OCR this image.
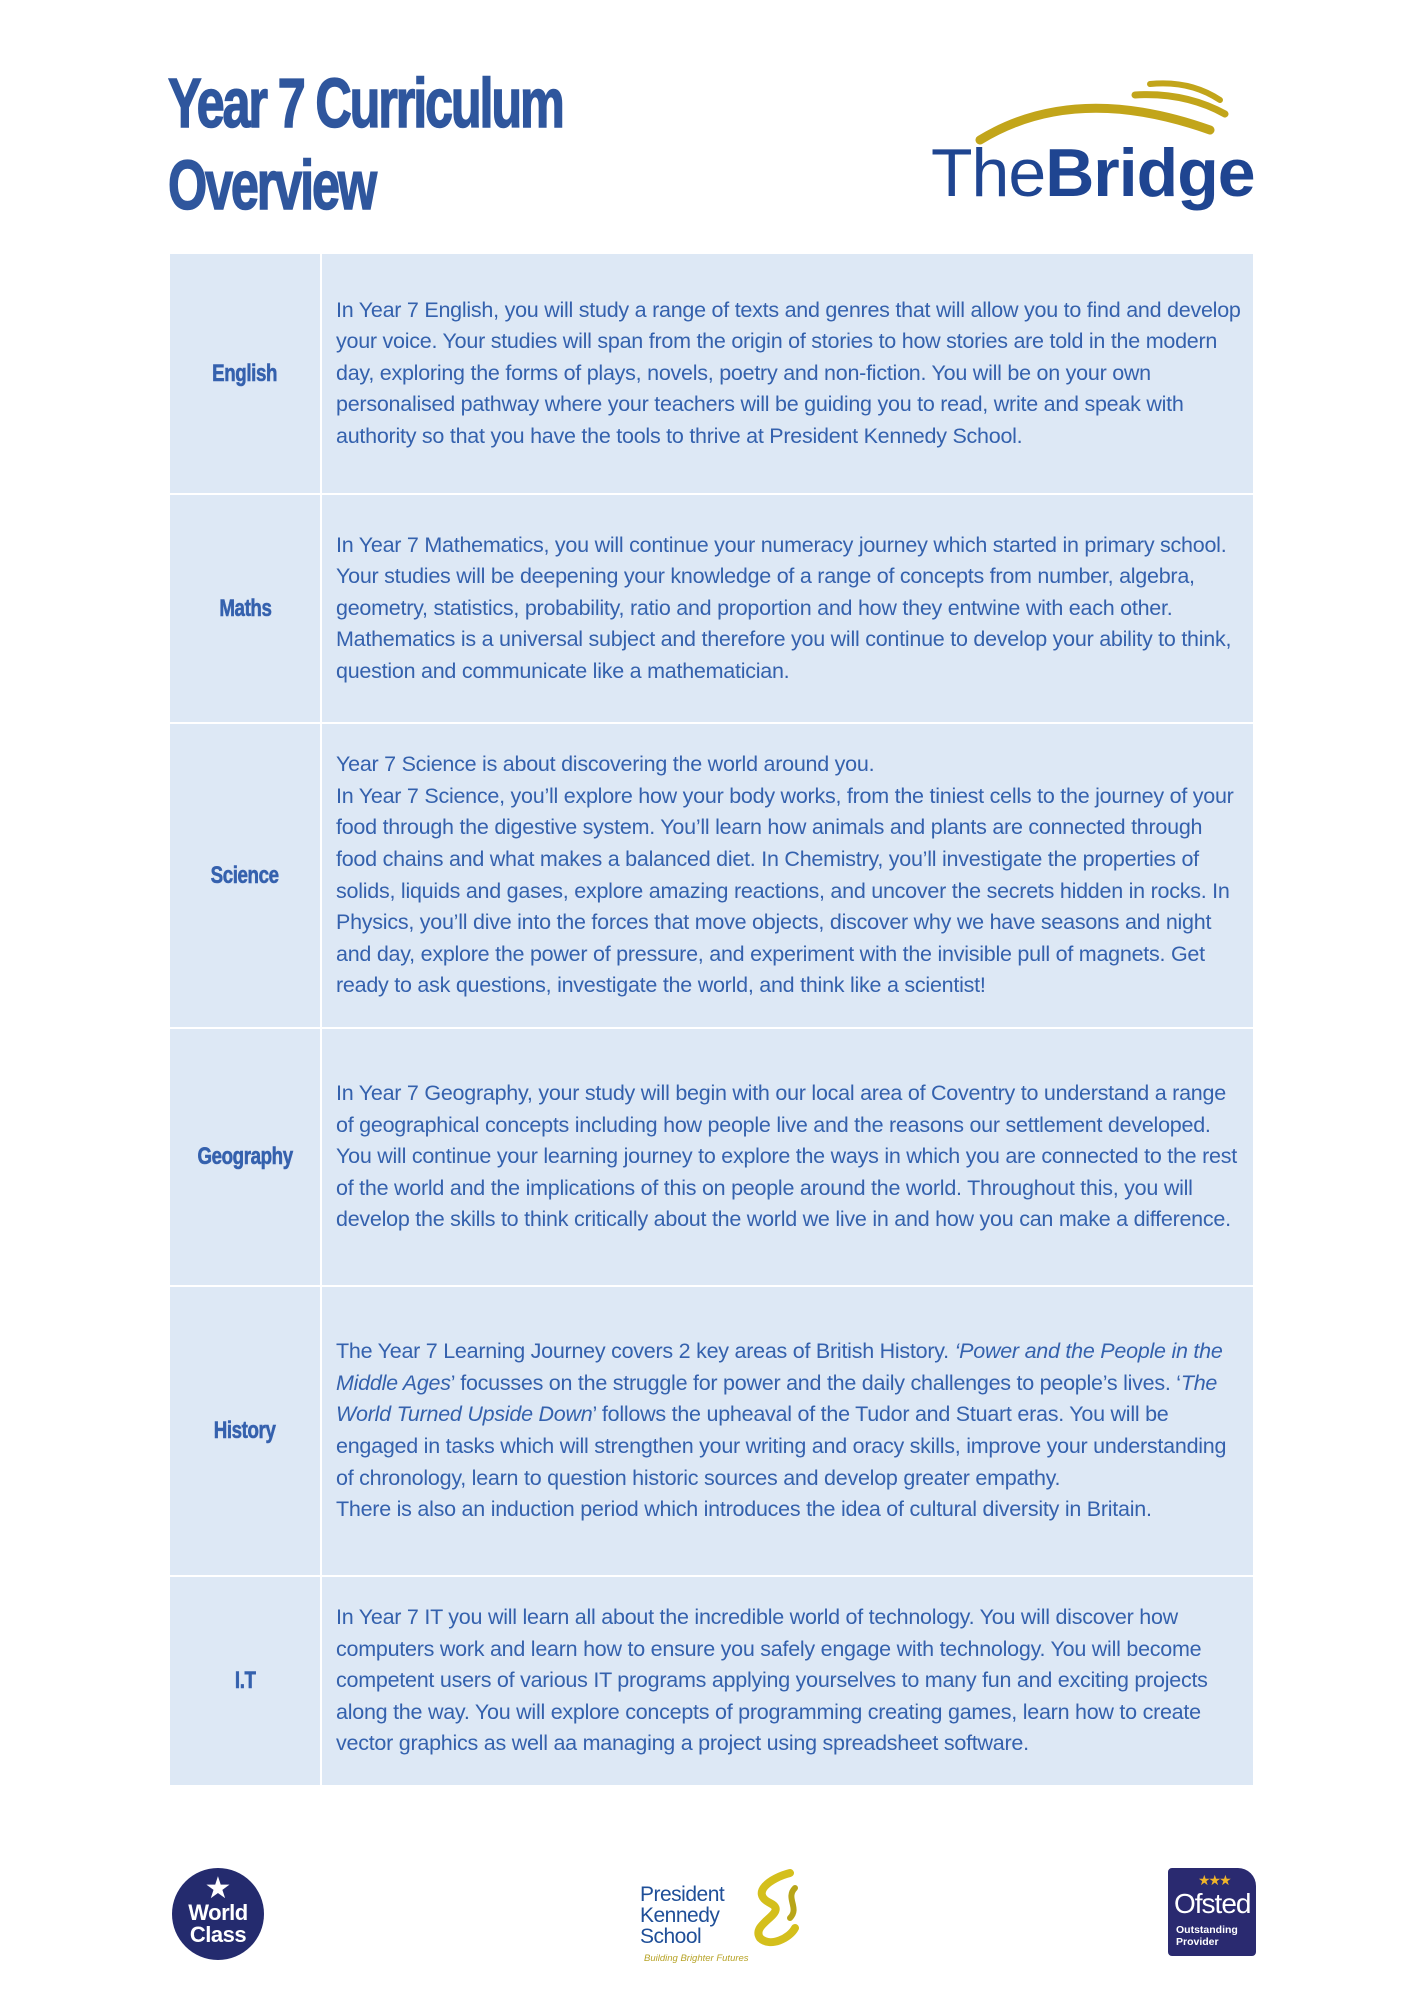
Year 7 Curriculum
Overview	TheBridge
English	In Year 7 English, you will study a range of texts and genres that will allow you to find and develop your voice. Your studies will span from the origin of stories to how stories are told in the modern day, exploring the forms of plays, novels, poetry and non-fiction. You will be on your own personalised pathway where your teachers will be guiding you to read, write and speak with authority so that you have the tools to thrive at President Kennedy School.

Maths	In Year 7 Mathematics, you will continue your numeracy journey which started in primary school. Your studies will be deepening your knowledge of a range of concepts from number, algebra, geometry, statistics, probability, ratio and proportion and how they entwine with each other. Mathematics is a universal subject and therefore you will continue to develop your ability to think, question and communicate like a mathematician.

Science	Year 7 Science is about discovering the world around you.

In Year 7 Science, you’ll explore how your body works, from the tiniest cells to the journey of your food through the digestive system. You’ll learn how animals and plants are connected through food chains and what makes a balanced diet. In Chemistry, you’ll investigate the properties of solids, liquids and gases, explore amazing reactions, and uncover the secrets hidden in rocks. In Physics, you’ll dive into the forces that move objects, discover why we have seasons and night and day, explore the power of pressure, and experiment with the invisible pull of magnets. Get ready to ask questions, investigate the world, and think like a scientist!

Geography	In Year 7 Geography, your study will begin with our local area of Coventry to understand a range of geographical concepts including how people live and the reasons our settlement developed. You will continue your learning journey to explore the ways in which you are connected to the rest of the world and the implications of this on people around the world. Throughout this, you will develop the skills to think critically about the world we live in and how you can make a difference.

History	The Year 7 Learning Journey covers 2 key areas of British History. ‘Power and the People in the Middle Ages’ focusses on the struggle for power and the daily challenges to people’s lives. ‘The World Turned Upside Down’ follows the upheaval of the Tudor and Stuart eras. You will be engaged in tasks which will strengthen your writing and oracy skills, improve your understanding of chronology, learn to question historic sources and develop greater empathy.

There is also an induction period which introduces the idea of cultural diversity in Britain.

I.T	In Year 7 IT you will learn all about the incredible world of technology. You will discover how computers work and learn how to ensure you safely engage with technology. You will become competent users of various IT programs applying yourselves to many fun and exciting projects along the way. You will explore concepts of programming creating games, learn how to create vector graphics as well aa managing a project using spreadsheet software.

★
World
Class
President
Kennedy
School
Building Brighter Futures
★★★
Ofsted
Outstanding
Provider
